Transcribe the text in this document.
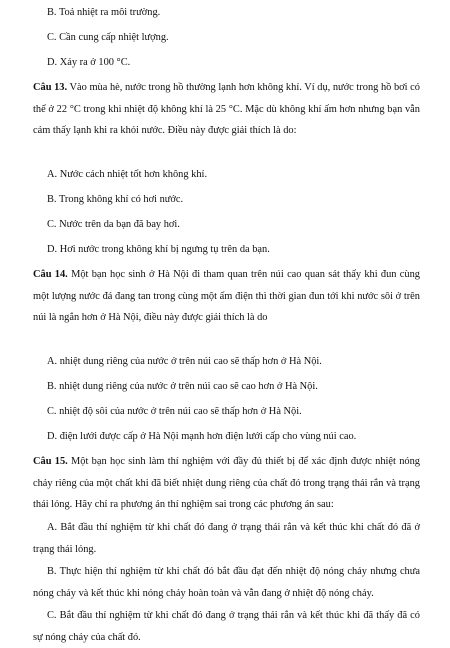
B. Toả nhiệt ra môi trường.
C. Cần cung cấp nhiệt lượng.
D. Xảy ra ở 100 °C.
Câu 13. Vào mùa hè, nước trong hồ thường lạnh hơn không khí. Ví dụ, nước trong hồ bơi có thể ở 22 °C trong khi nhiệt độ không khí là 25 °C. Mặc dù không khí ấm hơn nhưng bạn vẫn cảm thấy lạnh khi ra khỏi nước. Điều này được giải thích là do:
A. Nước cách nhiệt tốt hơn không khí.
B. Trong không khí có hơi nước.
C. Nước trên da bạn đã bay hơi.
D. Hơi nước trong không khí bị ngưng tụ trên da bạn.
Câu 14. Một bạn học sinh ở Hà Nội đi tham quan trên núi cao quan sát thấy khi đun cùng một lượng nước đá đang tan trong cùng một ấm điện thì thời gian đun tới khi nước sôi ở trên núi là ngắn hơn ở Hà Nội, điều này được giải thích là do
A. nhiệt dung riêng của nước ở trên núi cao sẽ thấp hơn ở Hà Nội.
B. nhiệt dung riêng của nước ở trên núi cao sẽ cao hơn ở Hà Nội.
C. nhiệt độ sôi của nước ở trên núi cao sẽ thấp hơn ở Hà Nội.
D. điện lưới được cấp ở Hà Nội mạnh hơn điện lưới cấp cho vùng núi cao.
Câu 15. Một bạn học sinh làm thí nghiệm với đầy đủ thiết bị để xác định được nhiệt nóng chảy riêng của một chất khi đã biết nhiệt dung riêng của chất đó trong trạng thái rắn và trạng thái lỏng. Hãy chỉ ra phương án thí nghiệm sai trong các phương án sau:
A. Bắt đầu thí nghiệm từ khi chất đó đang ở trạng thái rắn và kết thúc khi chất đó đã ở trạng thái lỏng.
B. Thực hiện thí nghiệm từ khi chất đó bắt đầu đạt đến nhiệt độ nóng chảy nhưng chưa nóng chảy và kết thúc khi nóng chảy hoàn toàn và vẫn đang ở nhiệt độ nóng chảy.
C. Bắt đầu thí nghiệm từ khi chất đó đang ở trạng thái rắn và kết thúc khi đã thấy đã có sự nóng chảy của chất đó.
